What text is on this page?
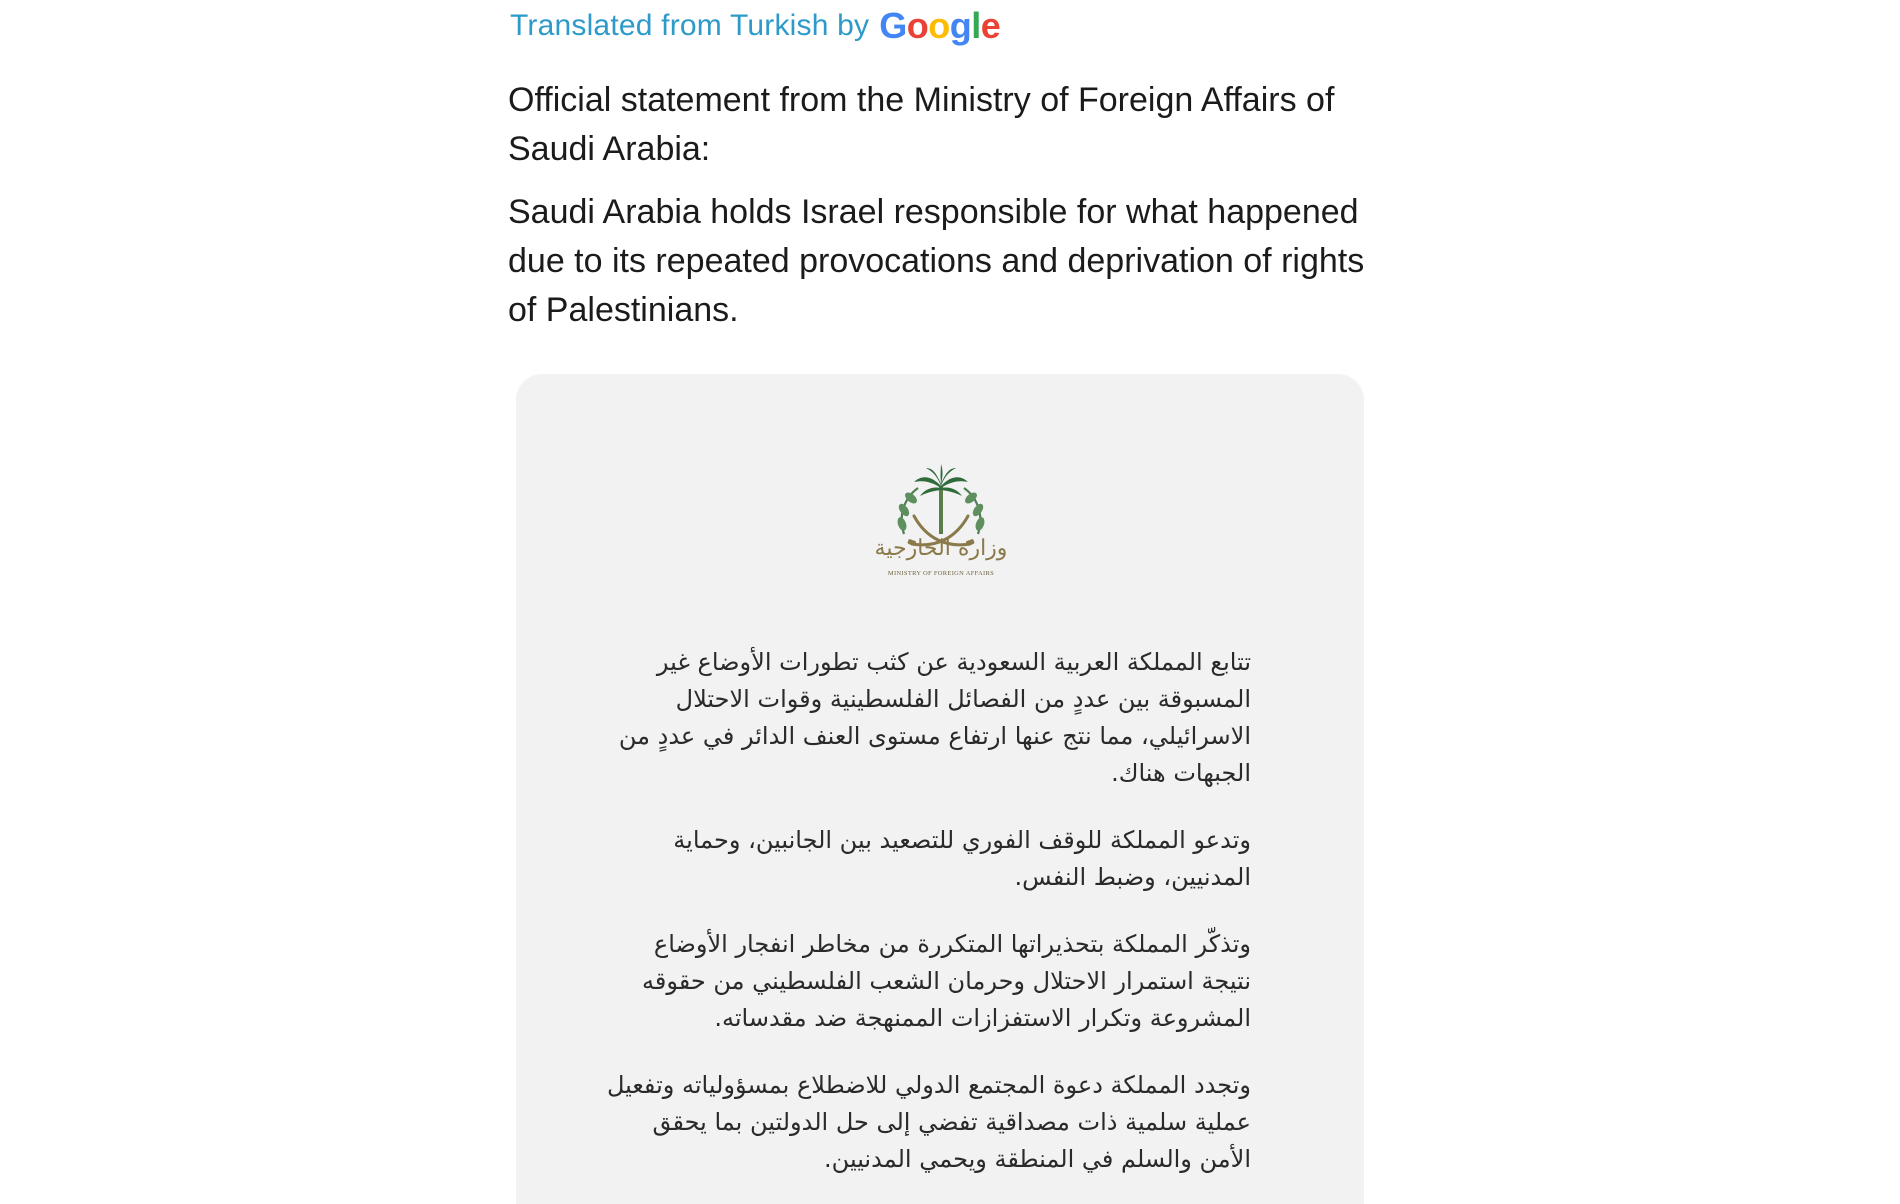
Translated from Turkish by Google

Official statement from the Ministry of Foreign Affairs of Saudi Arabia:

Saudi Arabia holds Israel responsible for what happened due to its repeated provocations and deprivation of rights of Palestinians.

وزارة الخارجية
MINISTRY OF FOREIGN AFFAIRS

تتابع المملكة العربية السعودية عن كثب تطورات الأوضاع غير المسبوقة بين عددٍ من الفصائل الفلسطينية وقوات الاحتلال الاسرائيلي، مما نتج عنها ارتفاع مستوى العنف الدائر في عددٍ من الجبهات هناك.

وتدعو المملكة للوقف الفوري للتصعيد بين الجانبين، وحماية المدنيين، وضبط النفس.

وتذكّر المملكة بتحذيراتها المتكررة من مخاطر انفجار الأوضاع نتيجة استمرار الاحتلال وحرمان الشعب الفلسطيني من حقوقه المشروعة وتكرار الاستفزازات الممنهجة ضد مقدساته.

وتجدد المملكة دعوة المجتمع الدولي للاضطلاع بمسؤولياته وتفعيل عملية سلمية ذات مصداقية تفضي إلى حل الدولتين بما يحقق الأمن والسلم في المنطقة ويحمي المدنيين.
